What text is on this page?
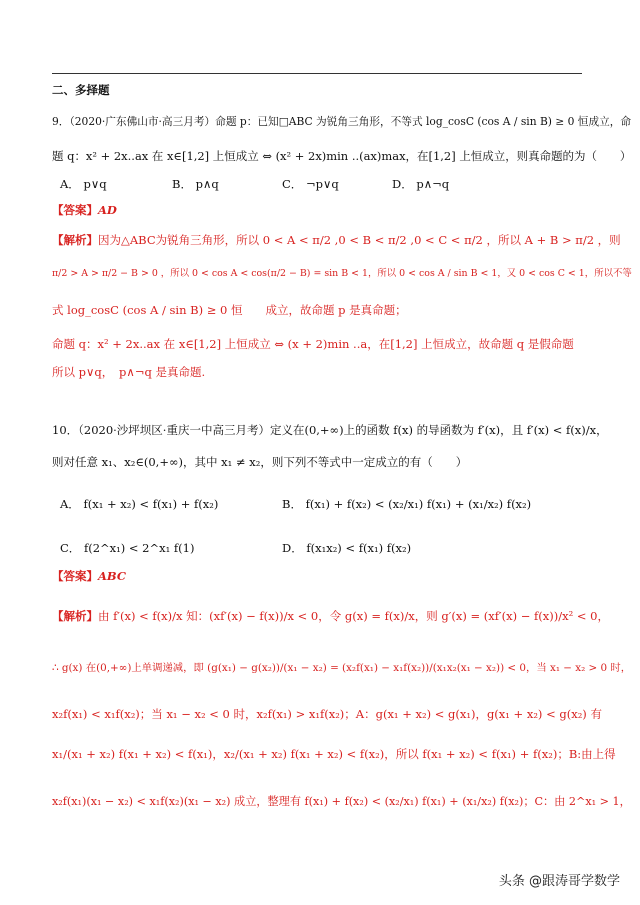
二、多择题
9．（2020·广东佛山市·高三月考）命题 p：已知□ABC 为锐角三角形，不等式 log_cosC (cos A / sin B) ≥ 0 恒成立，命
题 q：x² + 2x..ax 在 x∈[1,2] 上恒成立 ⇔ (x² + 2x)min ..(ax)max，在[1,2] 上恒成立，则真命题的为（　　）
A． p∨q	B． p∧q	C． ¬p∨q	D． p∧¬q
【答案】AD
【解析】因为△ABC为锐角三角形，所以 0 < A < π/2 ,0 < B < π/2 ,0 < C < π/2 ，所以 A + B > π/2 ，则
π/2 > A > π/2 − B > 0 ，所以 0 < cos A < cos(π/2 − B) = sin B < 1，所以 0 < cos A / sin B < 1，又 0 < cos C < 1，所以不等
式 log_cosC (cos A / sin B) ≥ 0 恒　　成立，故命题 p 是真命题；
命题 q：x² + 2x..ax 在 x∈[1,2] 上恒成立 ⇔ (x + 2)min ..a，在[1,2] 上恒成立，故命题 q 是假命题
所以 p∨q，　p∧¬q 是真命题.
10．（2020·沙坪坝区·重庆一中高三月考）定义在(0,+∞)上的函数 f(x) 的导函数为 f′(x)，且 f′(x) < f(x)/x，
则对任意 x₁、x₂∈(0,+∞)，其中 x₁ ≠ x₂，则下列不等式中一定成立的有（　　）
A． f(x₁ + x₂) < f(x₁) + f(x₂)	B． f(x₁) + f(x₂) < (x₂/x₁) f(x₁) + (x₁/x₂) f(x₂)
C． f(2^x₁) < 2^x₁ f(1)	D． f(x₁x₂) < f(x₁) f(x₂)
【答案】ABC
【解析】由 f′(x) < f(x)/x 知：(xf′(x) − f(x))/x < 0，令 g(x) = f(x)/x，则 g′(x) = (xf′(x) − f(x))/x² < 0，
∴ g(x) 在(0,+∞)上单调递减，即 (g(x₁) − g(x₂))/(x₁ − x₂) = (x₂f(x₁) − x₁f(x₂))/(x₁x₂(x₁ − x₂)) < 0，当 x₁ − x₂ > 0 时，
x₂f(x₁) < x₁f(x₂)；当 x₁ − x₂ < 0 时，x₂f(x₁) > x₁f(x₂)；A：g(x₁ + x₂) < g(x₁)，g(x₁ + x₂) < g(x₂) 有
x₁/(x₁ + x₂) f(x₁ + x₂) < f(x₁)，x₂/(x₁ + x₂) f(x₁ + x₂) < f(x₂)，所以 f(x₁ + x₂) < f(x₁) + f(x₂)；B:由上得
x₂f(x₁)(x₁ − x₂) < x₁f(x₂)(x₁ − x₂) 成立，整理有 f(x₁) + f(x₂) < (x₂/x₁) f(x₁) + (x₁/x₂) f(x₂)；C：由 2^x₁ > 1，
头条 @跟涛哥学数学
